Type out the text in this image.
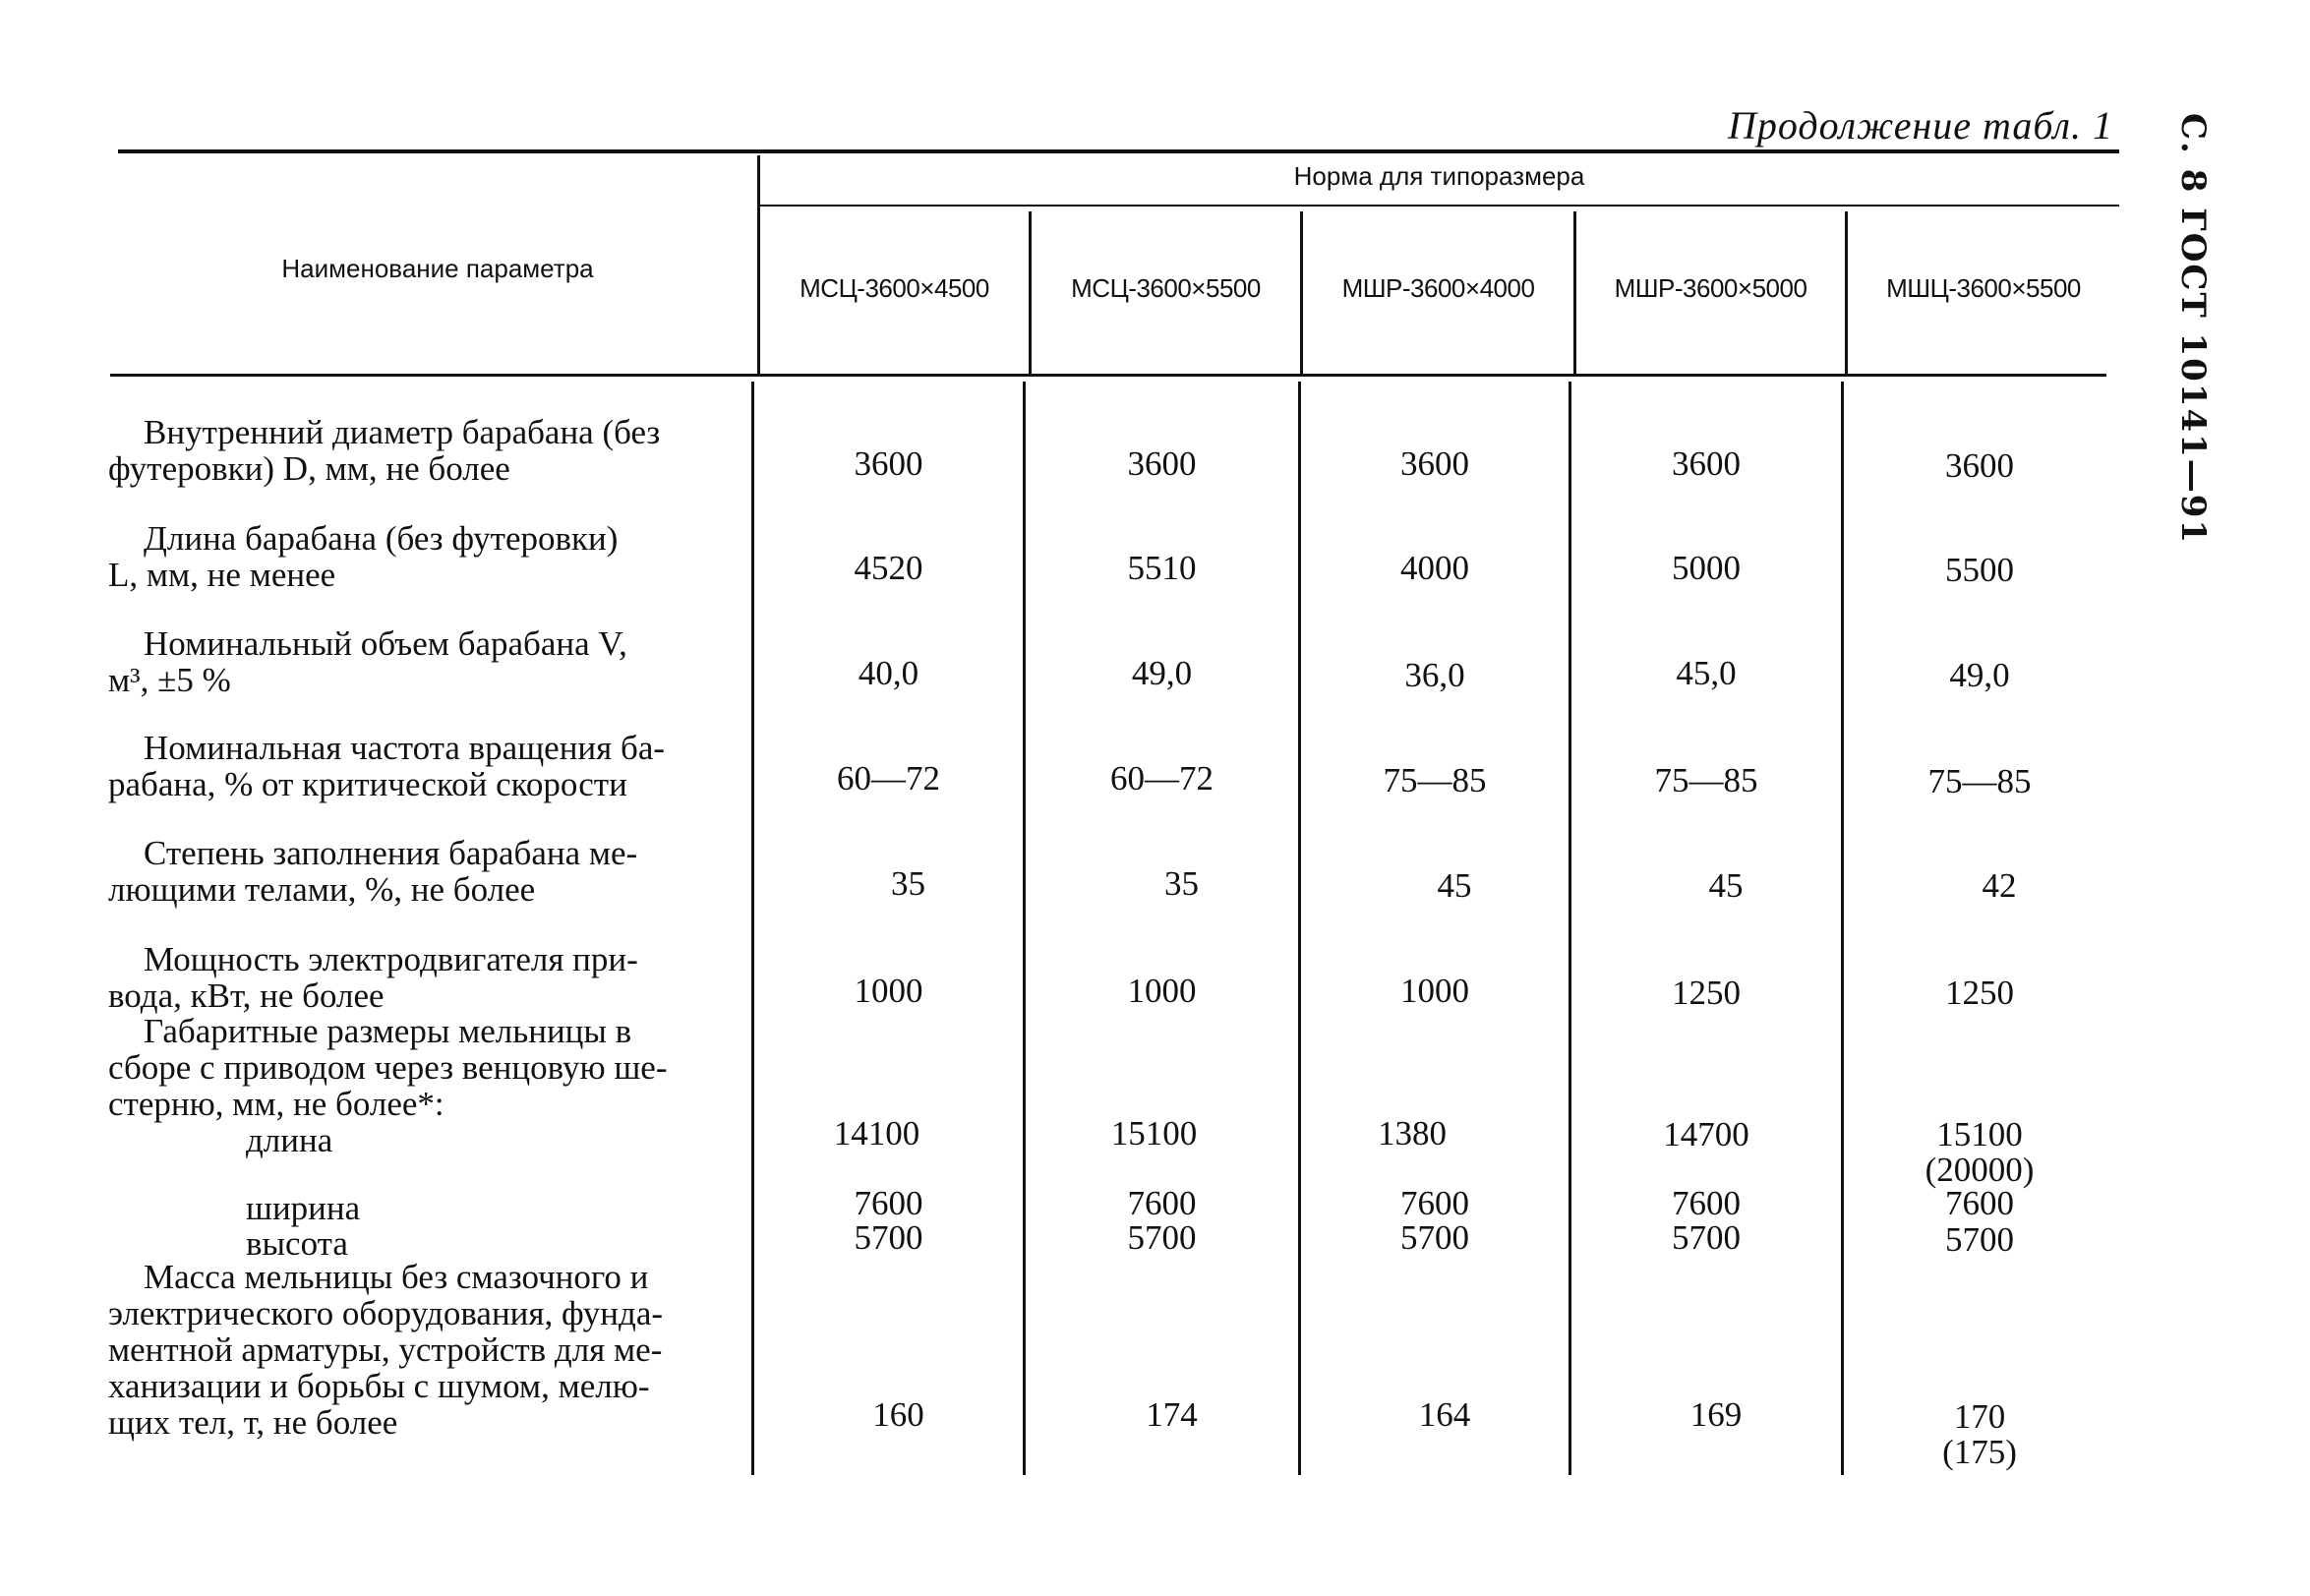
Продолжение табл. 1 С. 8 ГОСТ 10141—91
Наименование параметра
Норма для типоразмера
МСЦ-3600×4500	МСЦ-3600×5500	МШР-3600×4000	МШР-3600×5000	МШЦ-3600×5500
Внутренний диаметр барабана (без
футеровки) D, мм, не более	3600	3600	3600	3600	3600
Длина барабана (без футеровки)
L, мм, не менее	4520	5510	4000	5000	5500
Номинальный объем барабана V,
м³, ±5 %	40,0	49,0	36,0	45,0	49,0
Номинальная частота вращения ба-
рабана, % от критической скорости	60—72	60—72	75—85	75—85	75—85
Степень заполнения барабана ме-
лющими телами, %, не более	35	35	45	45	42
Мощность электродвигателя при-
вода, кВт, не более	1000	1000	1000	1250	1250
Габаритные размеры мельницы в
сборе с приводом через венцовую ше-
стерню, мм, не более*:
длина	14100	15100	1380	14700	15100
(20000)
ширина	7600	7600	7600	7600	7600
высота	5700	5700	5700	5700	5700
Масса мельницы без смазочного и
электрического оборудования, фунда-
ментной арматуры, устройств для ме-
ханизации и борьбы с шумом, мелю-
щих тел, т, не более	160	174	164	169	170
(175)
